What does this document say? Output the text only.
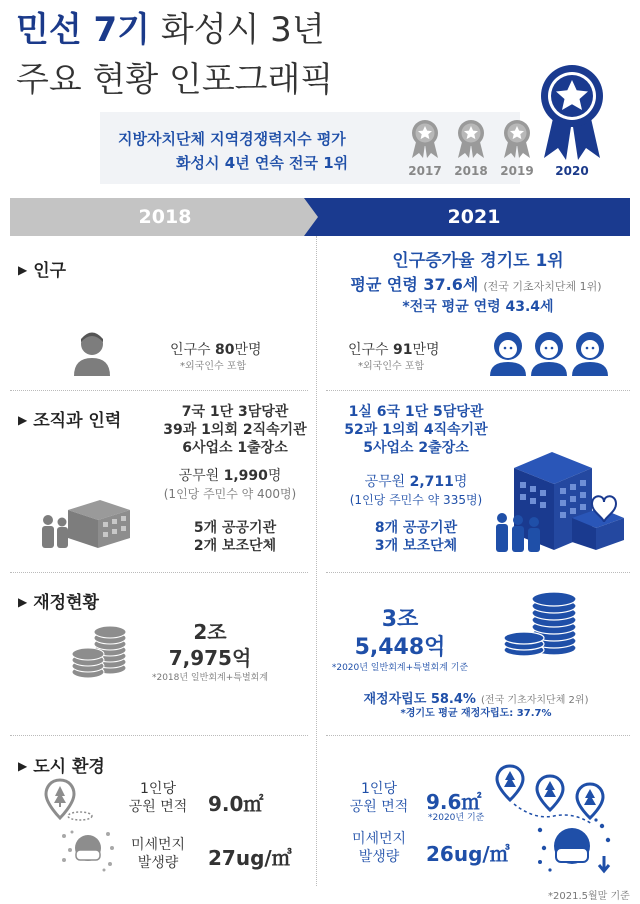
민선 7기 화성시 3년
주요 현황 인포그래픽
지방자치단체 지역경쟁력지수 평가
화성시 4년 연속 전국 1위	2017 2018 2019 2020
2018	2021
▶ 인구	인구증가율 경기도 1위
평균 연령 37.6세 (전국 기초자치단체 1위)
*전국 평균 연령 43.4세
인구수 80만명
*외국인수 포함
인구수 91만명
*외국인수 포함
▶ 조직과 인력	7국 1단 3담당관
39과 1의회 2직속기관
6사업소 1출장소
공무원 1,990명
(1인당 주민수 약 400명)
5개 공공기관
2개 보조단체
1실 6국 1단 5담당관
52과 1의회 4직속기관
5사업소 2출장소
공무원 2,711명
(1인당 주민수 약 335명)
8개 공공기관
3개 보조단체
▶ 재정현황
2조
7,975억
*2018년 일반회계+특별회계
3조
5,448억
*2020년 일반회계+특별회계 기준
재정자립도 58.4% (전국 기초자치단체 2위)
*경기도 평균 재정자립도: 37.7%
▶ 도시 환경
1인당
공원 면적	9.0㎡
미세먼지
발생량	27ug/㎥
1인당
공원 면적 9.6㎡
*2020년 기준
미세먼지
발생량	26ug/㎥
*2021.5월말 기준
